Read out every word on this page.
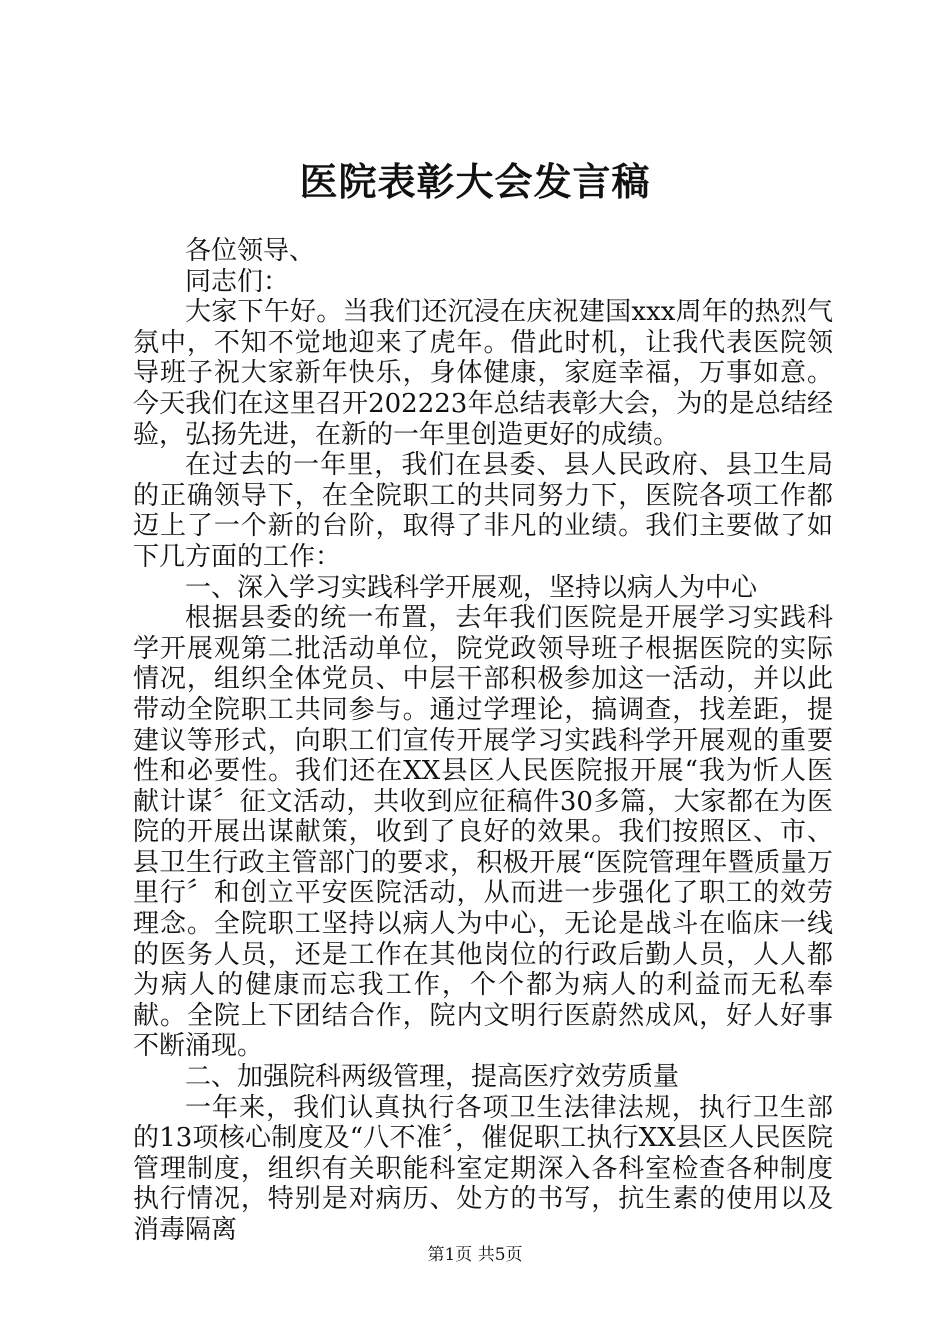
医院表彰大会发言稿

各位领导、

同志们：

大家下午好。当我们还沉浸在庆祝建国xxx周年的热烈气氛中，不知不觉地迎来了虎年。借此时机，让我代表医院领导班子祝大家新年快乐，身体健康，家庭幸福，万事如意。今天我们在这里召开202223年总结表彰大会，为的是总结经验，弘扬先进，在新的一年里创造更好的成绩。

在过去的一年里，我们在县委、县人民政府、县卫生局的正确领导下，在全院职工的共同努力下，医院各项工作都迈上了一个新的台阶，取得了非凡的业绩。我们主要做了如下几方面的工作：

一、深入学习实践科学开展观，坚持以病人为中心

根据县委的统一布置，去年我们医院是开展学习实践科学开展观第二批活动单位，院党政领导班子根据医院的实际情况，组织全体党员、中层干部积极参加这一活动，并以此带动全院职工共同参与。通过学理论，搞调查，找差距，提建议等形式，向职工们宣传开展学习实践科学开展观的重要性和必要性。我们还在XX县区人民医院报开展“我为忻人医献计谋〞征文活动，共收到应征稿件30多篇，大家都在为医院的开展出谋献策，收到了良好的效果。我们按照区、市、县卫生行政主管部门的要求，积极开展“医院管理年暨质量万里行〞和创立平安医院活动，从而进一步强化了职工的效劳理念。全院职工坚持以病人为中心，无论是战斗在临床一线的医务人员，还是工作在其他岗位的行政后勤人员，人人都为病人的健康而忘我工作，个个都为病人的利益而无私奉献。全院上下团结合作，院内文明行医蔚然成风，好人好事不断涌现。

二、加强院科两级管理，提高医疗效劳质量

一年来，我们认真执行各项卫生法律法规，执行卫生部的13项核心制度及“八不准〞，催促职工执行XX县区人民医院管理制度，组织有关职能科室定期深入各科室检查各种制度执行情况，特别是对病历、处方的书写，抗生素的使用以及消毒隔离

第1页 共5页
